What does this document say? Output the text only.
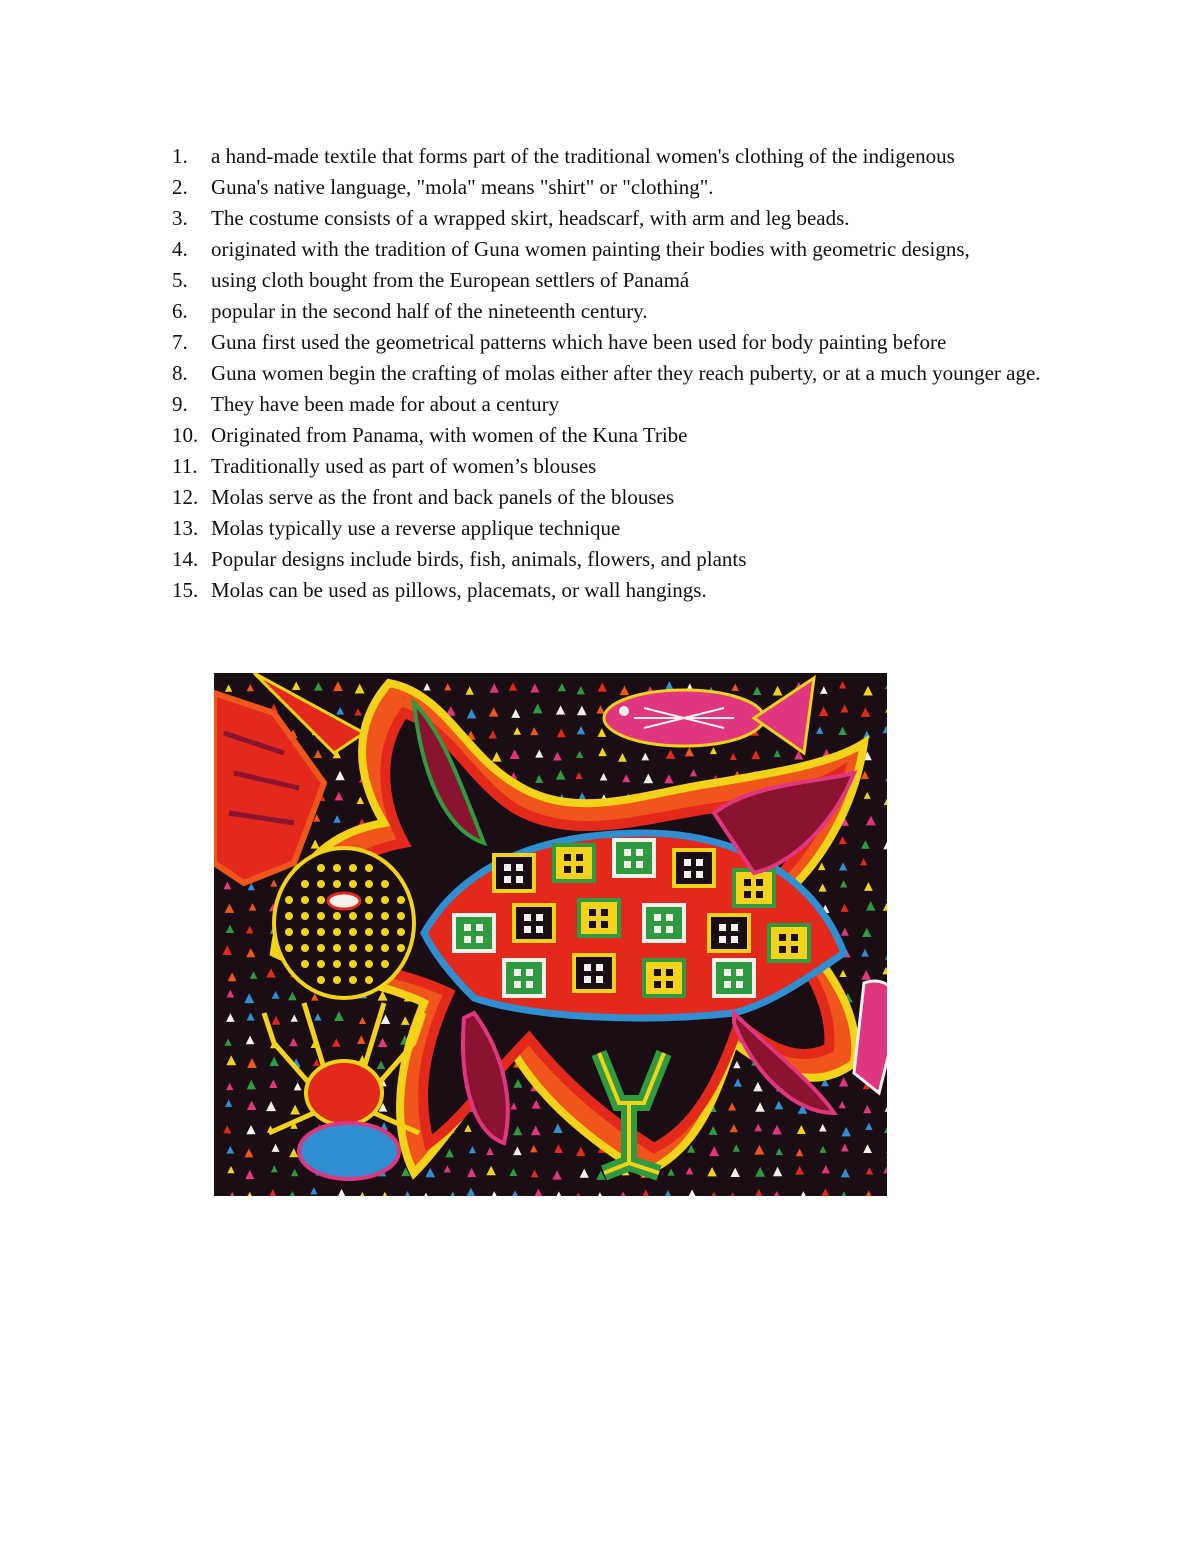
1.	a hand-made textile that forms part of the traditional women's clothing of the indigenous
2.	Guna's native language, "mola" means "shirt" or "clothing".
3.	The costume consists of a wrapped skirt, headscarf, with arm and leg beads.
4.	originated with the tradition of Guna women painting their bodies with geometric designs,
5.	using cloth bought from the European settlers of Panamá
6.	popular in the second half of the nineteenth century.
7.	Guna first used the geometrical patterns which have been used for body painting before
8.	Guna women begin the crafting of molas either after they reach puberty, or at a much younger age.
9.	They have been made for about a century
10. Originated from Panama, with women of the Kuna Tribe
11. Traditionally used as part of women’s blouses
12. Molas serve as the front and back panels of the blouses
13. Molas typically use a reverse applique technique
14. Popular designs include birds, fish, animals, flowers, and plants
15. Molas can be used as pillows, placemats, or wall hangings.
